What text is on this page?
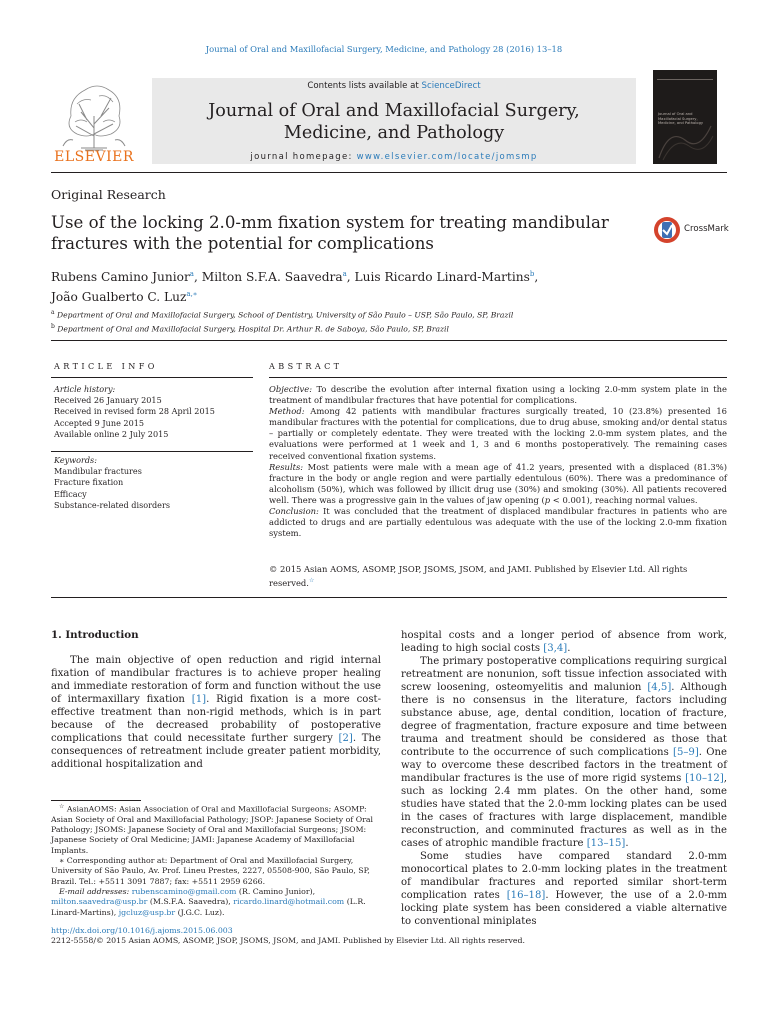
Journal of Oral and Maxillofacial Surgery, Medicine, and Pathology 28 (2016) 13–18
ELSEVIER
Contents lists available at ScienceDirect
Journal of Oral and Maxillofacial Surgery,
Medicine, and Pathology
journal homepage: www.elsevier.com/locate/jomsmp
Journal of Oral and Maxillofacial Surgery, Medicine, and Pathology
Original Research
Use of the locking 2.0-mm fixation system for treating mandibular fractures with the potential for complications
CrossMark
Rubens Camino Junior$^a$, Milton S.F.A. Saavedra$^a$, Luis Ricardo Linard-Martins$^b$,
João Gualberto C. Luz$^{a,∗}$
$^a$ Department of Oral and Maxillofacial Surgery, School of Dentistry, University of São Paulo – USP, São Paulo, SP, Brazil
$^b$ Department of Oral and Maxillofacial Surgery, Hospital Dr. Arthur R. de Saboya, São Paulo, SP, Brazil
ARTICLE INFO
Article history:
Received 26 January 2015
Received in revised form 28 April 2015
Accepted 9 June 2015
Available online 2 July 2015
Keywords:
Mandibular fractures
Fracture fixation
Efficacy
Substance-related disorders
ABSTRACT
Objective: To describe the evolution after internal fixation using a locking 2.0-mm system plate in the treatment of mandibular fractures that have potential for complications.
Method: Among 42 patients with mandibular fractures surgically treated, 10 (23.8%) presented 16 mandibular fractures with the potential for complications, due to drug abuse, smoking and/or dental status – partially or completely edentate. They were treated with the locking 2.0-mm system plates, and the evaluations were performed at 1 week and 1, 3 and 6 months postoperatively. The remaining cases received conventional fixation systems.
Results: Most patients were male with a mean age of 41.2 years, presented with a displaced (81.3%) fracture in the body or angle region and were partially edentulous (60%). There was a predominance of alcoholism (50%), which was followed by illicit drug use (30%) and smoking (30%). All patients recovered well. There was a progressive gain in the values of jaw opening (p < 0.001), reaching normal values.
Conclusion: It was concluded that the treatment of displaced mandibular fractures in patients who are addicted to drugs and are partially edentulous was adequate with the use of the locking 2.0-mm fixation system.
© 2015 Asian AOMS, ASOMP, JSOP, JSOMS, JSOM, and JAMI. Published by Elsevier Ltd. All rights reserved.☆
1. Introduction

The main objective of open reduction and rigid internal fixation of mandibular fractures is to achieve proper healing and immediate restoration of form and function without the use of intermaxillary fixation [1]. Rigid fixation is a more cost-effective treatment than non-rigid methods, which is in part because of the decreased probability of postoperative complications that could necessitate further surgery [2]. The consequences of retreatment include greater patient morbidity, additional hospitalization and

☆ AsianAOMS: Asian Association of Oral and Maxillofacial Surgeons; ASOMP: Asian Society of Oral and Maxillofacial Pathology; JSOP: Japanese Society of Oral Pathology; JSOMS: Japanese Society of Oral and Maxillofacial Surgeons; JSOM: Japanese Society of Oral Medicine; JAMI: Japanese Academy of Maxillofacial Implants.

∗ Corresponding author at: Department of Oral and Maxillofacial Surgery, University of São Paulo, Av. Prof. Lineu Prestes, 2227, 05508-900, São Paulo, SP, Brazil. Tel.: +5511 3091 7887; fax: +5511 2959 6266.

E-mail addresses: rubenscamino@gmail.com (R. Camino Junior), milton.saavedra@usp.br (M.S.F.A. Saavedra), ricardo.linard@hotmail.com (L.R. Linard-Martins), jgcluz@usp.br (J.G.C. Luz).

http://dx.doi.org/10.1016/j.ajoms.2015.06.003
2212-5558/© 2015 Asian AOMS, ASOMP, JSOP, JSOMS, JSOM, and JAMI. Published by Elsevier Ltd. All rights reserved.

hospital costs and a longer period of absence from work, leading to high social costs [3,4].

The primary postoperative complications requiring surgical retreatment are nonunion, soft tissue infection associated with screw loosening, osteomyelitis and malunion [4,5]. Although there is no consensus in the literature, factors including substance abuse, age, dental condition, location of fracture, degree of fragmentation, fracture exposure and time between trauma and treatment should be considered as those that contribute to the occurrence of such complications [5–9]. One way to overcome these described factors in the treatment of mandibular fractures is the use of more rigid systems [10–12], such as locking 2.4 mm plates. On the other hand, some studies have stated that the 2.0-mm locking plates can be used in the cases of fractures with large displacement, mandible reconstruction, and comminuted fractures as well as in the cases of atrophic mandible fracture [13–15].

Some studies have compared standard 2.0-mm monocortical plates to 2.0-mm locking plates in the treatment of mandibular fractures and reported similar short-term complication rates [16–18]. However, the use of a 2.0-mm locking plate system has been considered a viable alternative to conventional miniplates
